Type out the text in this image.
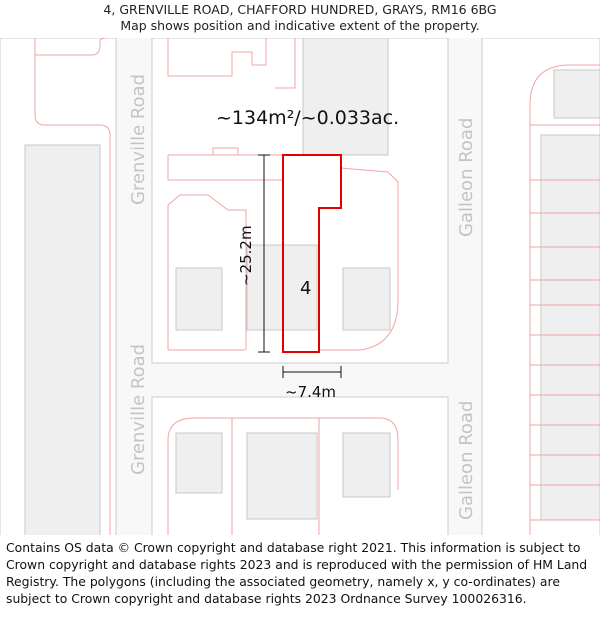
4, GRENVILLE ROAD, CHAFFORD HUNDRED, GRAYS, RM16 6BG
Map shows position and indicative extent of the property.
Grenville Road
Grenville Road
Galleon Road
Galleon Road
~25.2m
~7.4m
~134m²/~0.033ac.
4
Contains OS data © Crown copyright and database right 2021. This information is subject to Crown copyright and database rights 2023 and is reproduced with the permission of HM Land Registry. The polygons (including the associated geometry, namely x, y co-ordinates) are subject to Crown copyright and database rights 2023 Ordnance Survey 100026316.
